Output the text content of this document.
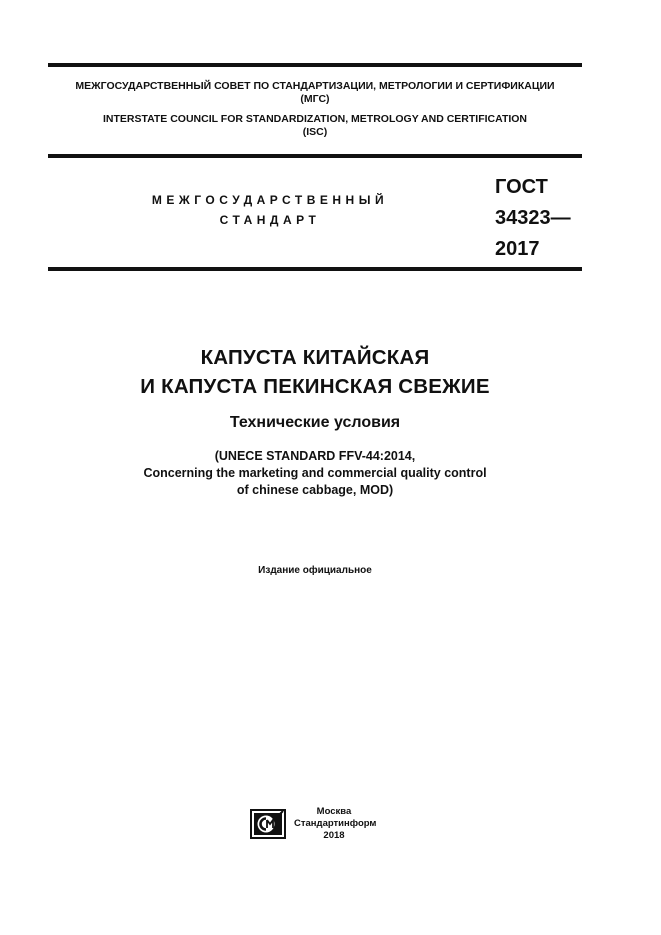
МЕЖГОСУДАРСТВЕННЫЙ СОВЕТ ПО СТАНДАРТИЗАЦИИ, МЕТРОЛОГИИ И СЕРТИФИКАЦИИ
(МГС)
INTERSTATE COUNCIL FOR STANDARDIZATION, METROLOGY AND CERTIFICATION
(ISC)
МЕЖГОСУДАРСТВЕННЫЙ
СТАНДАРТ
ГОСТ
34323—
2017
КАПУСТА КИТАЙСКАЯ
И КАПУСТА ПЕКИНСКАЯ СВЕЖИЕ
Технические условия
(UNECE STANDARD FFV-44:2014,
Concerning the marketing and commercial quality control
of chinese cabbage, MOD)
Издание официальное
Москва
Стандартинформ
2018
